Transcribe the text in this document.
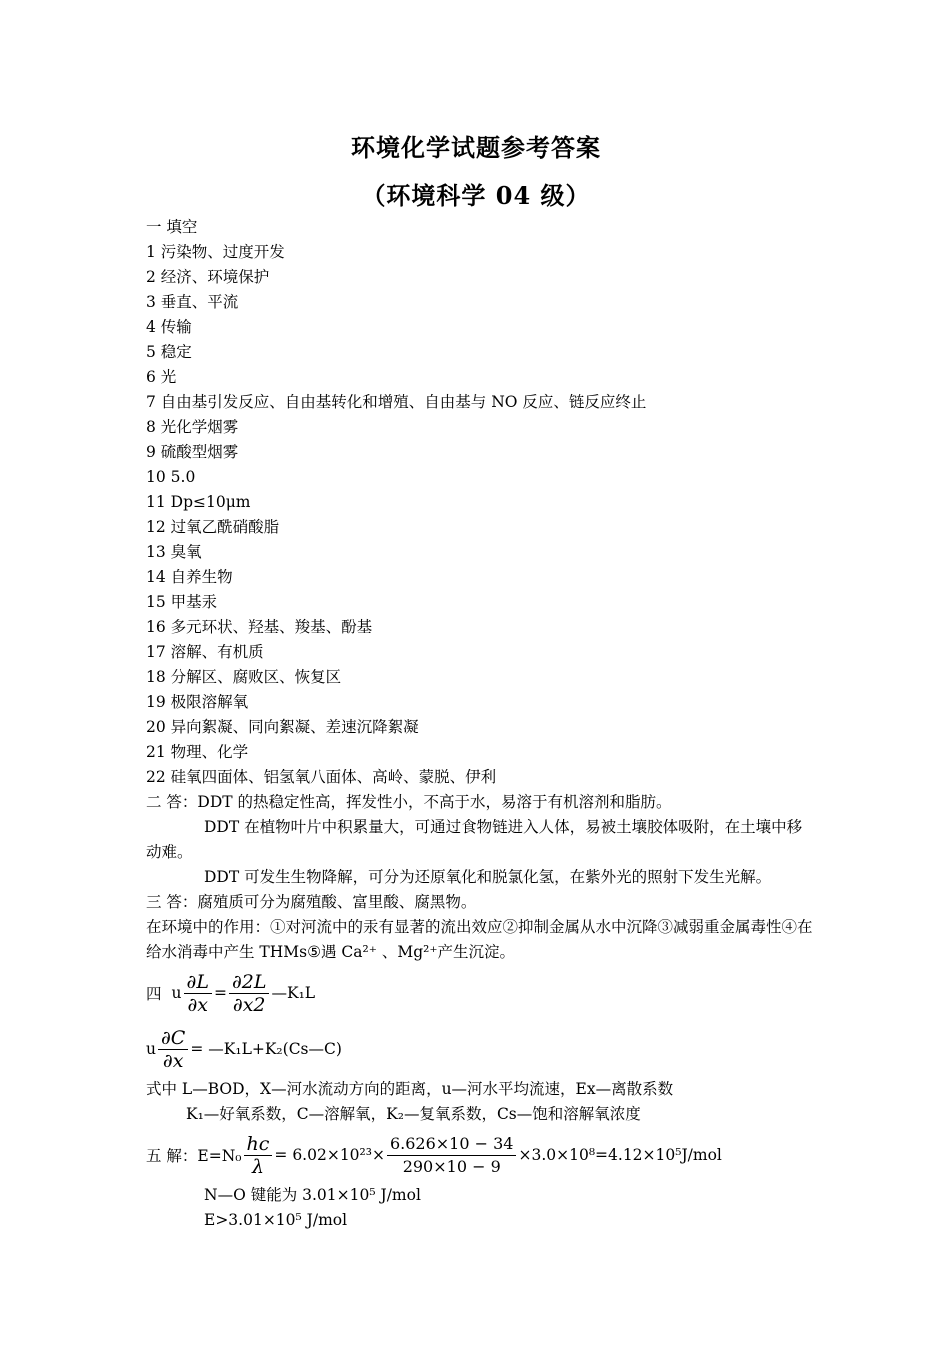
环境化学试题参考答案
（环境科学 04 级）
一 填空
1 污染物、过度开发
2 经济、环境保护
3 垂直、平流
4 传输
5 稳定
6 光
7 自由基引发反应、自由基转化和增殖、自由基与 NO 反应、链反应终止
8 光化学烟雾
9 硫酸型烟雾
10 5.0
11 Dp≤10μm
12 过氧乙酰硝酸脂
13 臭氧
14 自养生物
15 甲基汞
16 多元环状、羟基、羧基、酚基
17 溶解、有机质
18 分解区、腐败区、恢复区
19 极限溶解氧
20 异向絮凝、同向絮凝、差速沉降絮凝
21 物理、化学
22 硅氧四面体、铝氢氧八面体、高岭、蒙脱、伊利
二 答：DDT 的热稳定性高，挥发性小，不高于水，易溶于有机溶剂和脂肪。
DDT 在植物叶片中积累量大，可通过食物链进入人体，易被土壤胶体吸附，在土壤中移动难。
DDT 可发生生物降解，可分为还原氧化和脱氯化氢，在紫外光的照射下发生光解。
三 答：腐殖质可分为腐殖酸、富里酸、腐黑物。
在环境中的作用：①对河流中的汞有显著的流出效应②抑制金属从水中沉降③减弱重金属毒性④在给水消毒中产生 THMs⑤遇 Ca²⁺ 、Mg²⁺产生沉淀。
四 u $\frac{\partial L}{\partial x} = \frac{\partial 2L}{\partial x2}$ —K₁L
u $\frac{\partial C}{\partial x}$ = —K₁L+K₂(Cs—C)
式中 L—BOD，X—河水流动方向的距离，u—河水平均流速，Ex—离散系数
K₁—好氧系数，C—溶解氧，K₂—复氧系数，Cs—饱和溶解氧浓度
五 解：$E=N_0 \frac{hc}{\lambda} = 6.02\times 10^{23}\times \frac{6.626\times 10 - 34}{290\times 10 - 9} \times 3.0\times 10^8=4.12\times 10^5J/mol$
N—O 键能为 3.01×10⁵ J/mol
E>3.01×10⁵ J/mol
